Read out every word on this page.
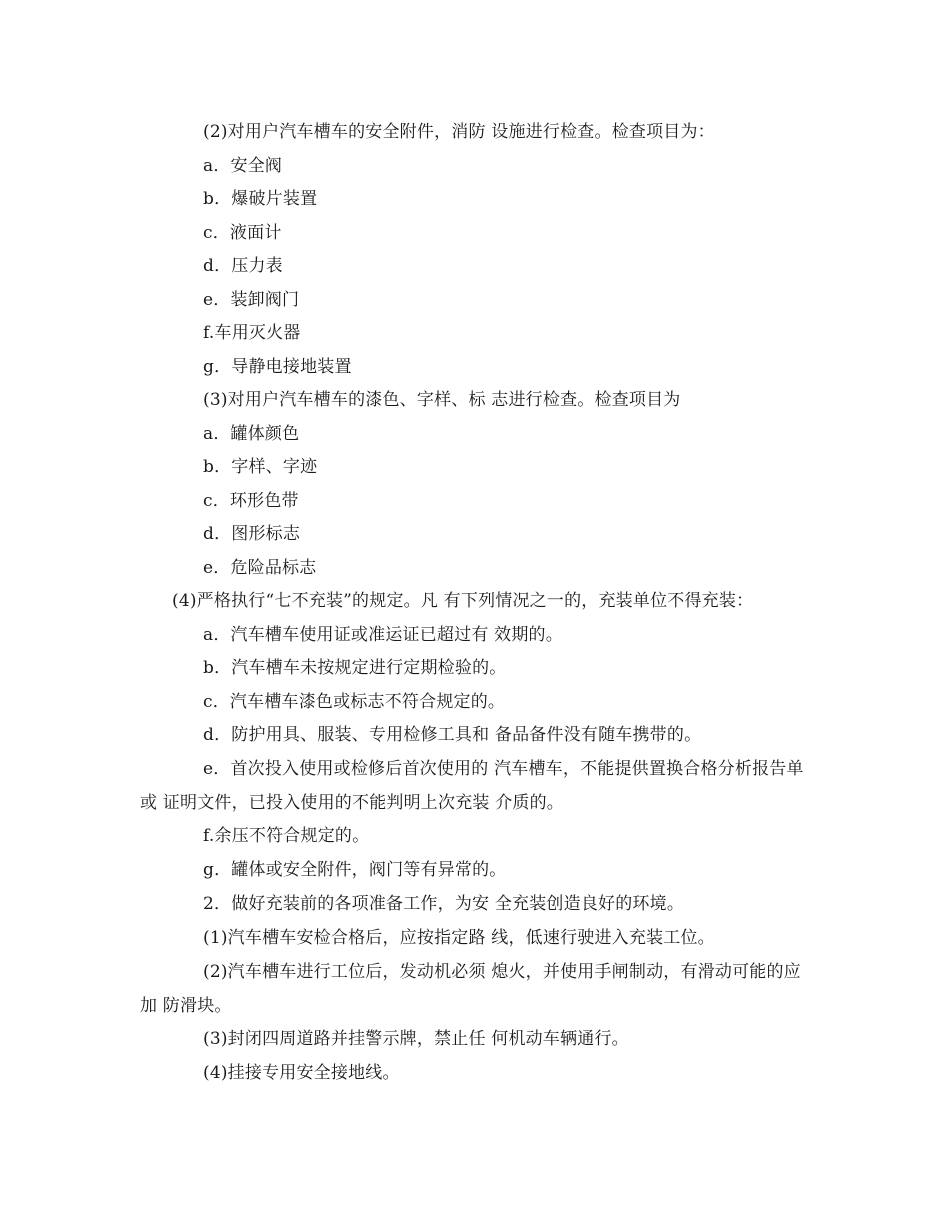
(2)对用户汽车槽车的安全附件，消防 设施进行检查。检查项目为：
a．安全阀
b．爆破片装置
c．液面计
d．压力表
e．装卸阀门
f.车用灭火器
g．导静电接地装置
(3)对用户汽车槽车的漆色、字样、标 志进行检查。检查项目为
a．罐体颜色
b．字样、字迹
c．环形色带
d．图形标志
e．危险品标志
(4)严格执行“七不充装”的规定。凡 有下列情况之一的，充装单位不得充装：
a．汽车槽车使用证或准运证已超过有 效期的。
b．汽车槽车未按规定进行定期检验的。
c．汽车槽车漆色或标志不符合规定的。
d．防护用具、服装、专用检修工具和 备品备件没有随车携带的。
e．首次投入使用或检修后首次使用的 汽车槽车，不能提供置换合格分析报告单或 证明文件，已投入使用的不能判明上次充装 介质的。
f.余压不符合规定的。
g．罐体或安全附件，阀门等有异常的。
2．做好充装前的各项准备工作，为安 全充装创造良好的环境。
(1)汽车槽车安检合格后，应按指定路 线，低速行驶进入充装工位。
(2)汽车槽车进行工位后，发动机必须 熄火，并使用手闸制动，有滑动可能的应加 防滑块。
(3)封闭四周道路并挂警示牌，禁止任 何机动车辆通行。
(4)挂接专用安全接地线。
